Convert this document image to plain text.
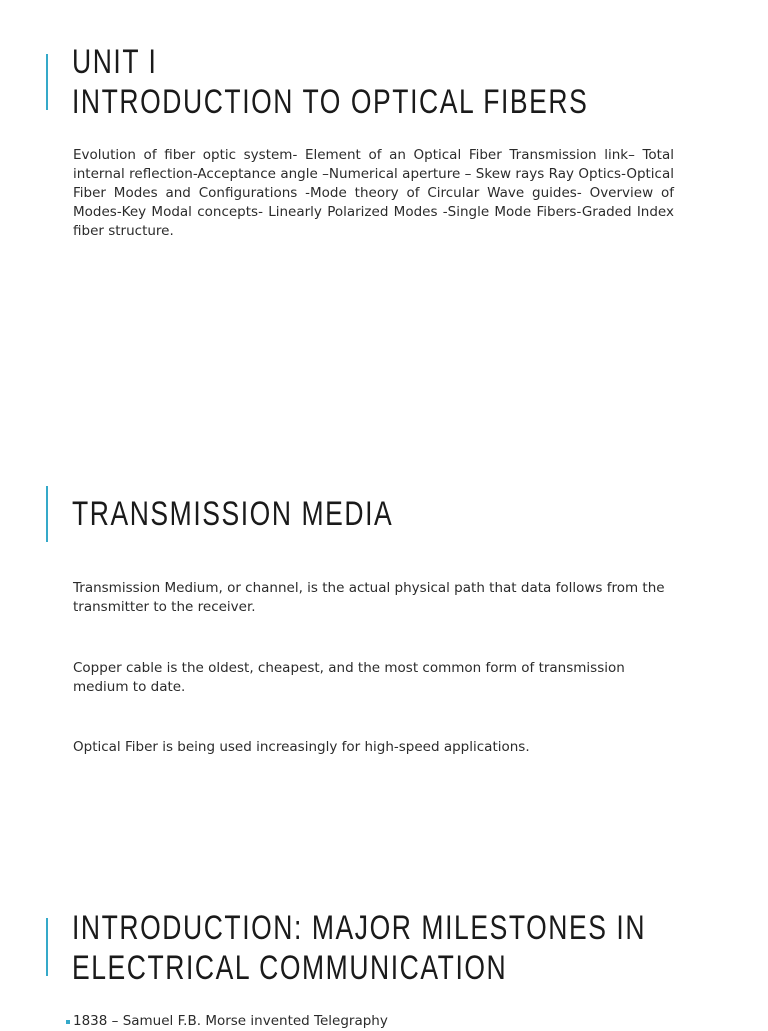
UNIT I
INTRODUCTION TO OPTICAL FIBERS

Evolution of fiber optic system- Element of an Optical Fiber Transmission link– Total internal reflection-Acceptance angle –Numerical aperture – Skew rays Ray Optics-Optical Fiber Modes and Configurations -Mode theory of Circular Wave guides- Overview of Modes-Key Modal concepts- Linearly Polarized Modes -Single Mode Fibers-Graded Index fiber structure.

TRANSMISSION MEDIA

Transmission Medium, or channel, is the actual physical path that data follows from the transmitter to the receiver.

Copper cable is the oldest, cheapest, and the most common form of transmission medium to date.

Optical Fiber is being used increasingly for high-speed applications.

INTRODUCTION: MAJOR MILESTONES IN
ELECTRICAL COMMUNICATION
1838 – Samuel F.B. Morse invented Telegraphy
